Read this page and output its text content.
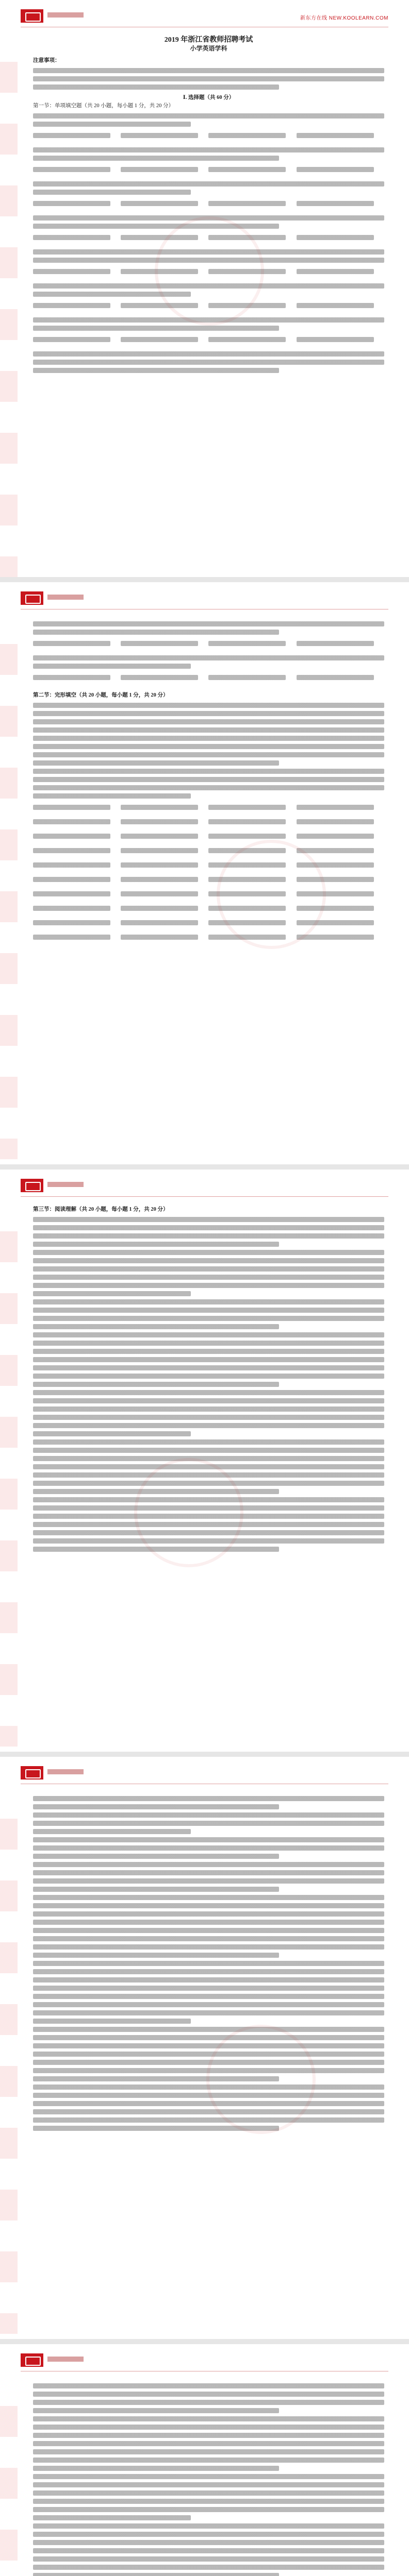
新东方在线 NEW.KOOLEARN.COM
2019 年浙江省教师招聘考试
小学英语学科
注意事项：
Ⅰ. 选择题（共 60 分）
第一节：单项填空题（共 20 小题，每小题 1 分，共 20 分）
第二节：完形填空（共 20 小题，每小题 1 分，共 20 分）

第三节：阅读理解（共 20 小题，每小题 1 分，共 20 分）
